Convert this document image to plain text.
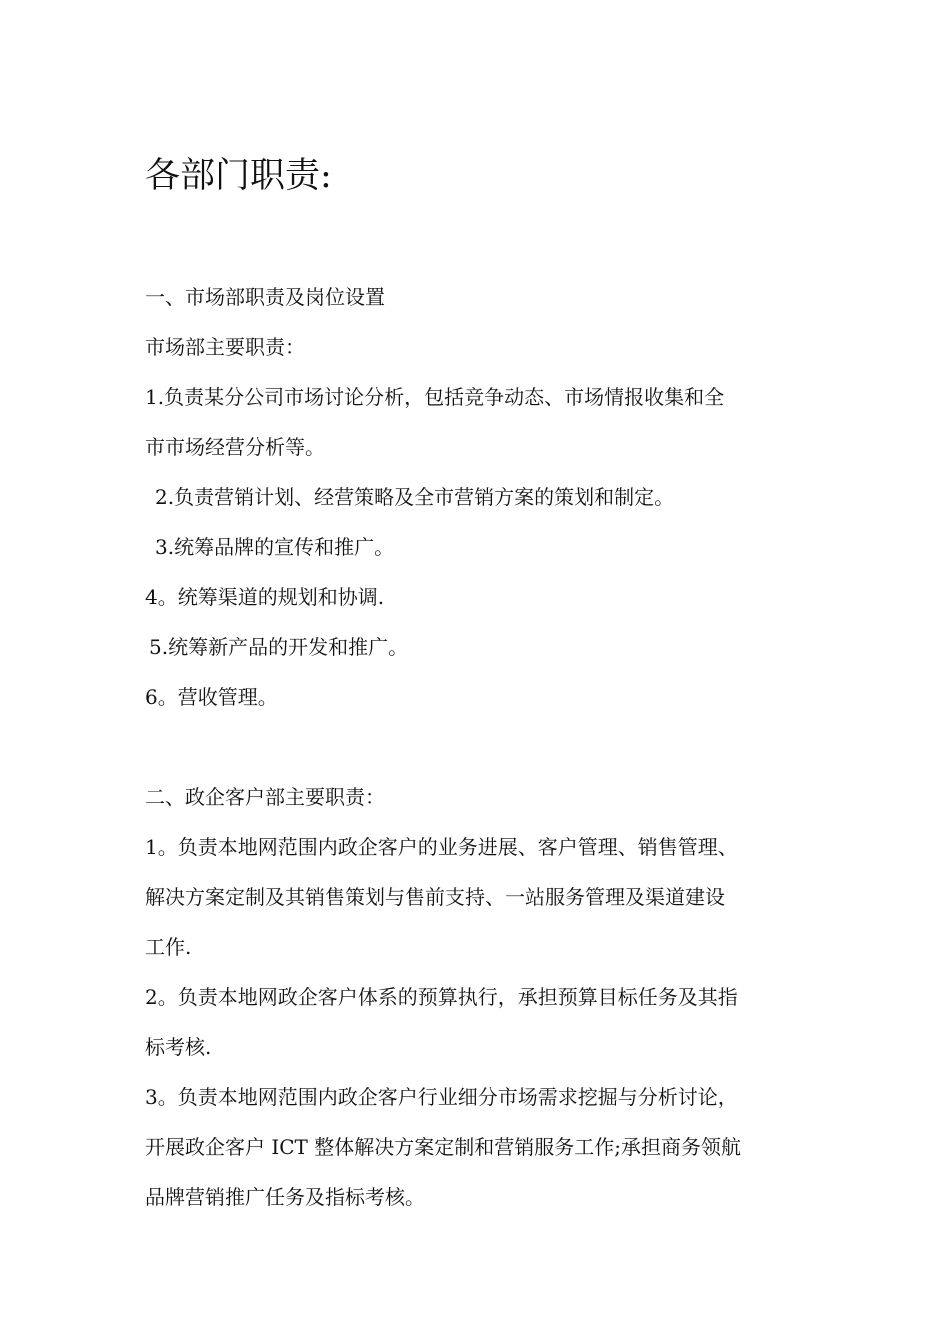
各部门职责:

一、市场部职责及岗位设置

市场部主要职责：

1.负责某分公司市场讨论分析，包括竞争动态、市场情报收集和全

市市场经营分析等。

2.负责营销计划、经营策略及全市营销方案的策划和制定。

3.统筹品牌的宣传和推广。

4。统筹渠道的规划和协调.

5.统筹新产品的开发和推广。

6。营收管理。

二、政企客户部主要职责：

1。负责本地网范围内政企客户的业务进展、客户管理、销售管理、

解决方案定制及其销售策划与售前支持、一站服务管理及渠道建设

工作.

2。负责本地网政企客户体系的预算执行，承担预算目标任务及其指

标考核.

3。负责本地网范围内政企客户行业细分市场需求挖掘与分析讨论，

开展政企客户 ICT 整体解决方案定制和营销服务工作;承担商务领航

品牌营销推广任务及指标考核。
